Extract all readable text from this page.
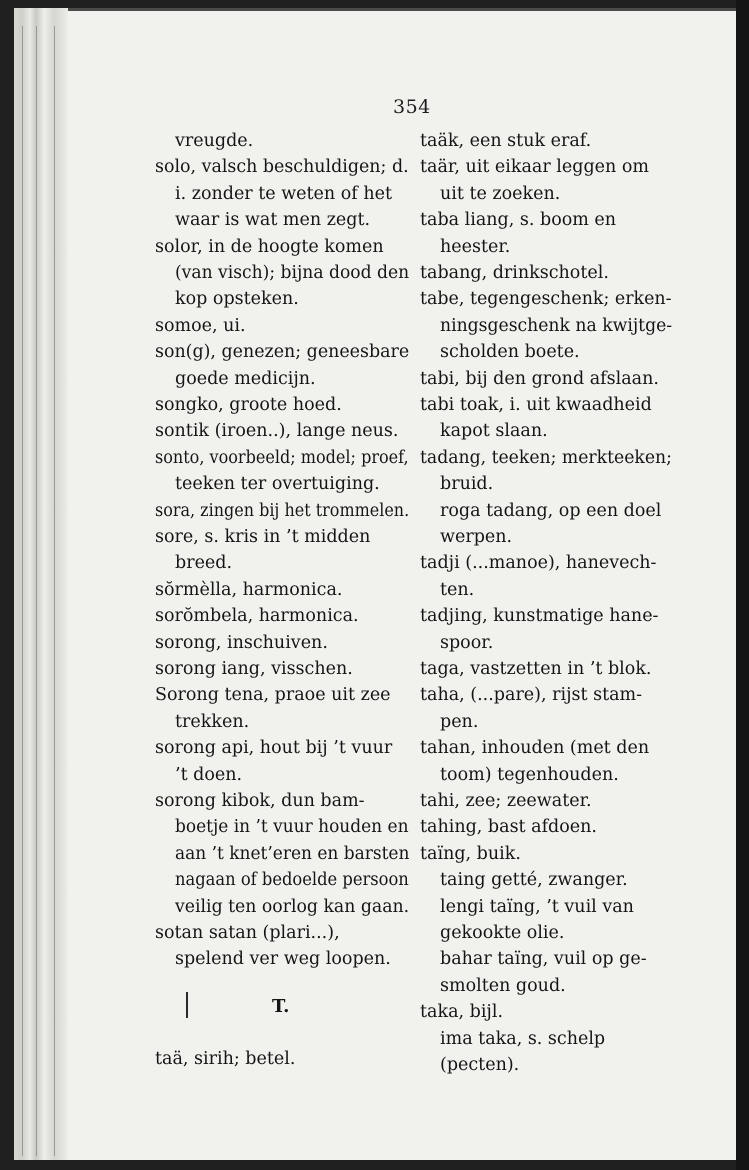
354
vreugde.
solo, valsch beschuldigen; d.
i. zonder te weten of het
waar is wat men zegt.
solor, in de hoogte komen
(van visch); bijna dood den
kop opsteken.
somoe, ui.
son(g), genezen; geneesbare
goede medicijn.
songko, groote hoed.
sontik (iroen..), lange neus.
sonto, voorbeeld; model; proef,
teeken ter overtuiging.
sora, zingen bij het trommelen.
sore, s. kris in ’t midden
breed.
sŏrmèlla, harmonica.
sorŏmbela, harmonica.
sorong, inschuiven.
sorong iang, visschen.
Sorong tena, praoe uit zee
trekken.
sorong api, hout bij ’t vuur
’t doen.
sorong kibok, dun bam-
boetje in ’t vuur houden en
aan ’t knet’eren en barsten
nagaan of bedoelde persoon
veilig ten oorlog kan gaan.
sotan satan (plari...),
spelend ver weg loopen.
taäk, een stuk eraf.
taär, uit eikaar leggen om
uit te zoeken.
taba liang, s. boom en
heester.
tabang, drinkschotel.
tabe, tegengeschenk; erken-
ningsgeschenk na kwijtge-
scholden boete.
tabi, bij den grond afslaan.
tabi toak, i. uit kwaadheid
kapot slaan.
tadang, teeken; merkteeken;
bruid.
roga tadang, op een doel
werpen.
tadji (...manoe), hanevech-
ten.
tadjing, kunstmatige hane-
spoor.
taga, vastzetten in ’t blok.
taha, (...pare), rijst stam-
pen.
tahan, inhouden (met den
toom) tegenhouden.
tahi, zee; zeewater.
tahing, bast afdoen.
taïng, buik.
taing getté, zwanger.
lengi taïng, ’t vuil van
gekookte olie.
bahar taïng, vuil op ge-
smolten goud.
taka, bijl.
ima taka, s. schelp
(pecten).
T.
taä, sirih; betel.
